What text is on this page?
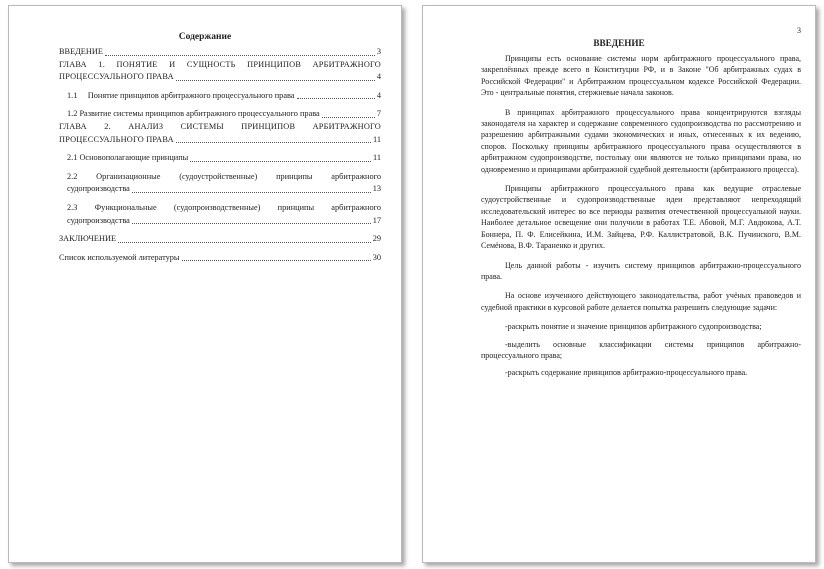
Содержание
ВВЕДЕНИЕ	3
ГЛАВА 1. ПОНЯТИЕ И СУЩНОСТЬ ПРИНЦИПОВ АРБИТРАЖНОГО
ПРОЦЕССУАЛЬНОГО ПРАВА	4
1.1     Понятие принципов арбитражного процессуального права	4
1.2 Развитие системы принципов арбитражного процессуального права	7
ГЛАВА 2. АНАЛИЗ СИСТЕМЫ ПРИНЦИПОВ АРБИТРАЖНОГО
ПРОЦЕССУАЛЬНОГО ПРАВА	11
2.1 Основополагающие принципы	11
2.2     Организационные     (судоустройственные)     принципы     арбитражного
судопроизводства	13
2.3     Функциональные     (судопроизводственные)     принципы     арбитражного
судопроизводства	17
ЗАКЛЮЧЕНИЕ	29
Список используемой литературы	30
3
ВВЕДЕНИЕ

Принципы есть основание системы норм арбитражного процессуального права, закреплённых прежде всего в Конституции РФ, и в Законе "Об арбитражных судах в Российской Федерации" и Арбитражном процессуальном кодексе Российской Федерации. Это - центральные понятия, стержневые начала законов.

В принципах арбитражного процессуального права концентрируются взгляды законодателя на характер и содержание современного судопроизводства по рассмотрению и разрешению арбитражными судами экономических и иных, отнесенных к их ведению, споров. Поскольку принципы арбитражного процессуального права осуществляются в арбитражном судопроизводстве, постольку они являются не только принципами права, но одновременно и принципами арбитражной судебной деятельности (арбитражного процесса).

Принципы арбитражного процессуального права как ведущие отраслевые судоустройственные и судопроизводственные идеи представляют непреходящий исследовательский интерес во все периоды развития отечественной процессуальной науки. Наиболее детальное освещение они получили в работах Т.Е. Абовой, М.Г. Авдюкова, А.Т. Боннера, П. Ф. Елисейкина, И.М. Зайцева, Р.Ф. Каллистратовой, В.К. Пучинского, В.М. Семёнова, В.Ф. Тараненко и других.

Цель данной работы - изучить систему принципов арбитражно-процессуального права.

На основе изученного действующего законодательства, работ учёных правоведов и судебной практики в курсовой работе делается попытка разрешить следующие задачи:

-раскрыть понятие и значение принципов арбитражного судопроизводства;

-выделить основные классификации системы принципов арбитражно-процессуального права;

-раскрыть содержание принципов арбитражно-процессуального права.
